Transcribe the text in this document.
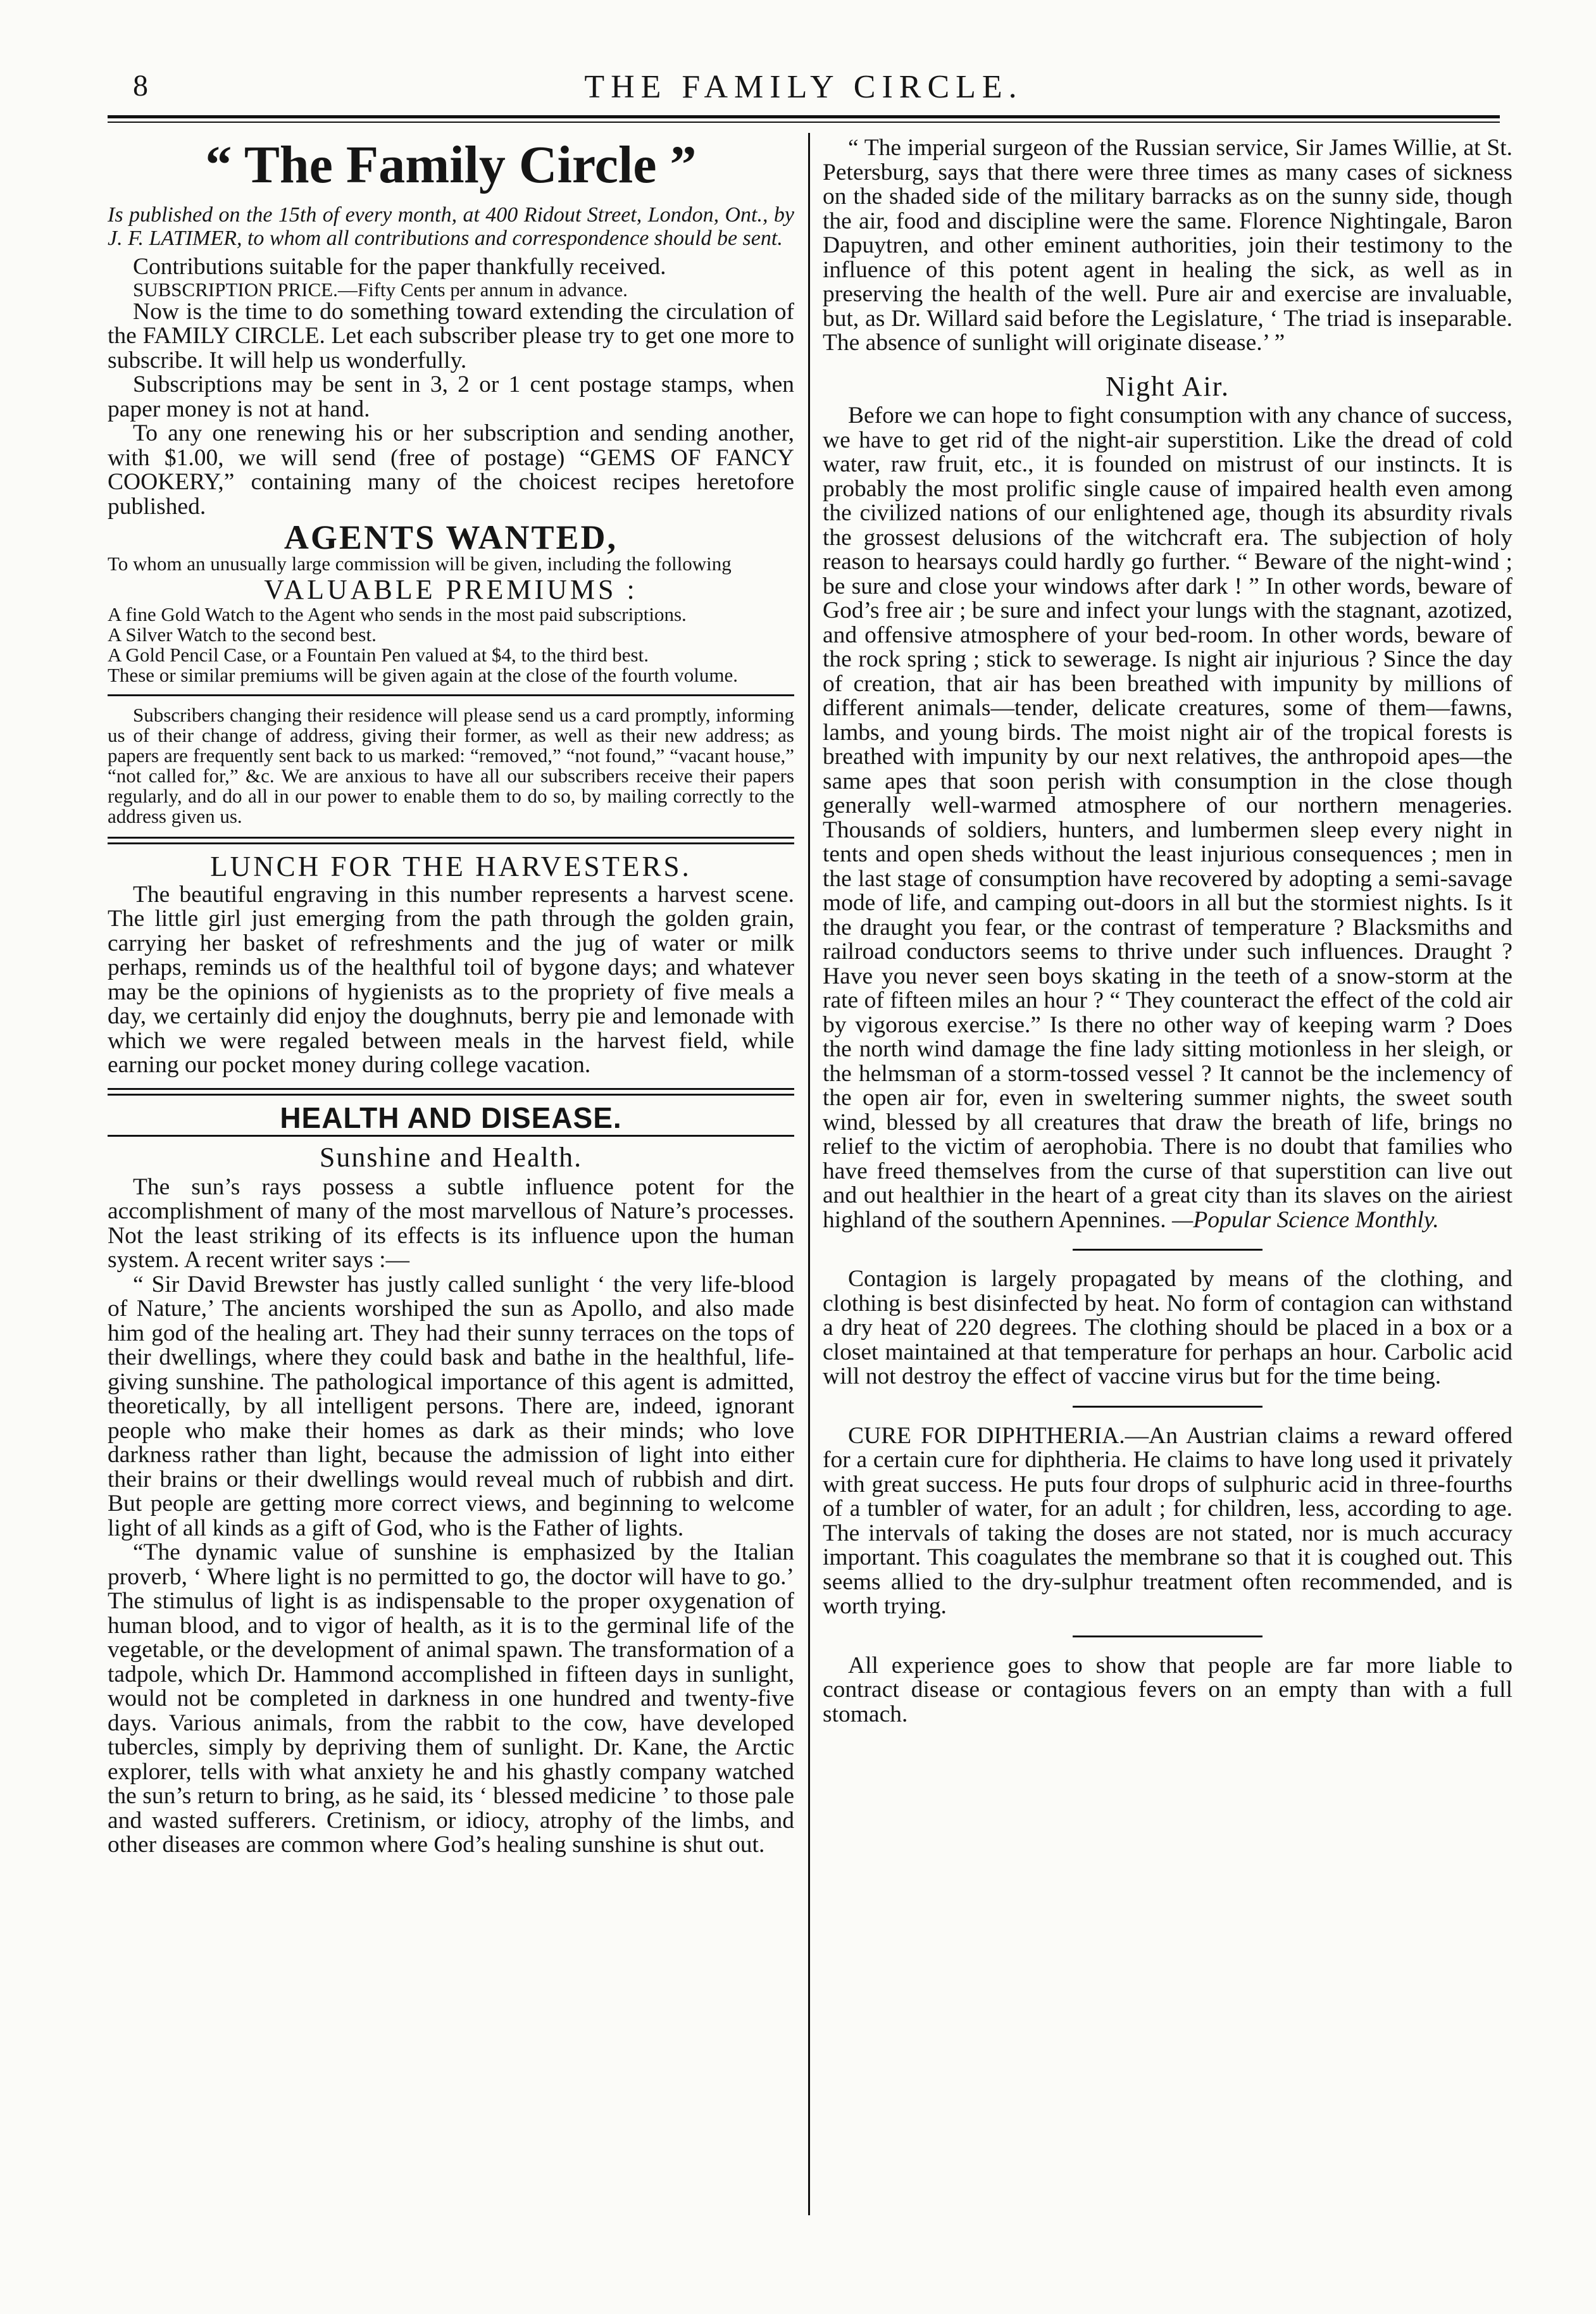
8	THE FAMILY CIRCLE.
“ The Family Circle ”

Is published on the 15th of every month, at 400 Ridout Street, London, Ont., by J. F. LATIMER, to whom all contributions and correspondence should be sent.

Contributions suitable for the paper thankfully received.

SUBSCRIPTION PRICE.—Fifty Cents per annum in advance.

Now is the time to do something toward extending the circulation of the FAMILY CIRCLE. Let each subscriber please try to get one more to subscribe. It will help us wonderfully.

Subscriptions may be sent in 3, 2 or 1 cent postage stamps, when paper money is not at hand.

To any one renewing his or her subscription and sending another, with $1.00, we will send (free of postage) “GEMS OF FANCY COOKERY,” containing many of the choicest recipes heretofore published.

AGENTS WANTED,

To whom an unusually large commission will be given, including the following

VALUABLE PREMIUMS :

A fine Gold Watch to the Agent who sends in the most paid subscriptions.

A Silver Watch to the second best.

A Gold Pencil Case, or a Fountain Pen valued at $4, to the third best.

These or similar premiums will be given again at the close of the fourth volume.

Subscribers changing their residence will please send us a card promptly, informing us of their change of address, giving their former, as well as their new address; as papers are frequently sent back to us marked: “removed,” “not found,” “vacant house,” “not called for,” &c. We are anxious to have all our subscribers receive their papers regularly, and do all in our power to enable them to do so, by mailing correctly to the address given us.

LUNCH FOR THE HARVESTERS.

The beautiful engraving in this number represents a harvest scene. The little girl just emerging from the path through the golden grain, carrying her basket of refreshments and the jug of water or milk perhaps, reminds us of the healthful toil of bygone days; and whatever may be the opinions of hygienists as to the propriety of five meals a day, we certainly did enjoy the doughnuts, berry pie and lemonade with which we were regaled between meals in the harvest field, while earning our pocket money during college vacation.

HEALTH AND DISEASE.
Sunshine and Health.

The sun’s rays possess a subtle influence potent for the accomplishment of many of the most marvellous of Nature’s processes. Not the least striking of its effects is its influence upon the human system. A recent writer says :—

“ Sir David Brewster has justly called sunlight ‘ the very life-blood of Nature,’ The ancients worshiped the sun as Apollo, and also made him god of the healing art. They had their sunny terraces on the tops of their dwellings, where they could bask and bathe in the healthful, life-giving sunshine. The pathological importance of this agent is admitted, theoretically, by all intelligent persons. There are, indeed, ignorant people who make their homes as dark as their minds; who love darkness rather than light, because the admission of light into either their brains or their dwellings would reveal much of rubbish and dirt. But people are getting more correct views, and beginning to welcome light of all kinds as a gift of God, who is the Father of lights.

“The dynamic value of sunshine is emphasized by the Italian proverb, ‘ Where light is no permitted to go, the doctor will have to go.’ The stimulus of light is as indispensable to the proper oxygenation of human blood, and to vigor of health, as it is to the germinal life of the vegetable, or the development of animal spawn. The transformation of a tadpole, which Dr. Hammond accomplished in fifteen days in sunlight, would not be completed in darkness in one hundred and twenty-five days. Various animals, from the rabbit to the cow, have developed tubercles, simply by depriving them of sunlight. Dr. Kane, the Arctic explorer, tells with what anxiety he and his ghastly company watched the sun’s return to bring, as he said, its ‘ blessed medicine ’ to those pale and wasted sufferers. Cretinism, or idiocy, atrophy of the limbs, and other diseases are common where God’s healing sunshine is shut out.

“ The imperial surgeon of the Russian service, Sir James Willie, at St. Petersburg, says that there were three times as many cases of sickness on the shaded side of the military barracks as on the sunny side, though the air, food and discipline were the same. Florence Nightingale, Baron Dapuytren, and other eminent authorities, join their testimony to the influence of this potent agent in healing the sick, as well as in preserving the health of the well. Pure air and exercise are invaluable, but, as Dr. Willard said before the Legislature, ‘ The triad is inseparable. The absence of sunlight will originate disease.’ ”

Night Air.

Before we can hope to fight consumption with any chance of success, we have to get rid of the night-air superstition. Like the dread of cold water, raw fruit, etc., it is founded on mistrust of our instincts. It is probably the most prolific single cause of impaired health even among the civilized nations of our enlightened age, though its absurdity rivals the grossest delusions of the witchcraft era. The subjection of holy reason to hearsays could hardly go further. “ Beware of the night-wind ; be sure and close your windows after dark ! ” In other words, beware of God’s free air ; be sure and infect your lungs with the stagnant, azotized, and offensive atmosphere of your bed-room. In other words, beware of the rock spring ; stick to sewerage. Is night air injurious ? Since the day of creation, that air has been breathed with impunity by millions of different animals—tender, delicate creatures, some of them—fawns, lambs, and young birds. The moist night air of the tropical forests is breathed with impunity by our next relatives, the anthropoid apes—the same apes that soon perish with consumption in the close though generally well-warmed atmosphere of our northern menageries. Thousands of soldiers, hunters, and lumbermen sleep every night in tents and open sheds without the least injurious consequences ; men in the last stage of consumption have recovered by adopting a semi-savage mode of life, and camping out-doors in all but the stormiest nights. Is it the draught you fear, or the contrast of temperature ? Blacksmiths and railroad conductors seems to thrive under such influences. Draught ? Have you never seen boys skating in the teeth of a snow-storm at the rate of fifteen miles an hour ? “ They counteract the effect of the cold air by vigorous exercise.” Is there no other way of keeping warm ? Does the north wind damage the fine lady sitting motionless in her sleigh, or the helmsman of a storm-tossed vessel ? It cannot be the inclemency of the open air for, even in sweltering summer nights, the sweet south wind, blessed by all creatures that draw the breath of life, brings no relief to the victim of aerophobia. There is no doubt that families who have freed themselves from the curse of that superstition can live out and out healthier in the heart of a great city than its slaves on the airiest highland of the southern Apennines. —Popular Science Monthly.

Contagion is largely propagated by means of the clothing, and clothing is best disinfected by heat. No form of contagion can withstand a dry heat of 220 degrees. The clothing should be placed in a box or a closet maintained at that temperature for perhaps an hour. Carbolic acid will not destroy the effect of vaccine virus but for the time being.

CURE FOR DIPHTHERIA.—An Austrian claims a reward offered for a certain cure for diphtheria. He claims to have long used it privately with great success. He puts four drops of sulphuric acid in three-fourths of a tumbler of water, for an adult ; for children, less, according to age. The intervals of taking the doses are not stated, nor is much accuracy important. This coagulates the membrane so that it is coughed out. This seems allied to the dry-sulphur treatment often recommended, and is worth trying.

All experience goes to show that people are far more liable to contract disease or contagious fevers on an empty than with a full stomach.
